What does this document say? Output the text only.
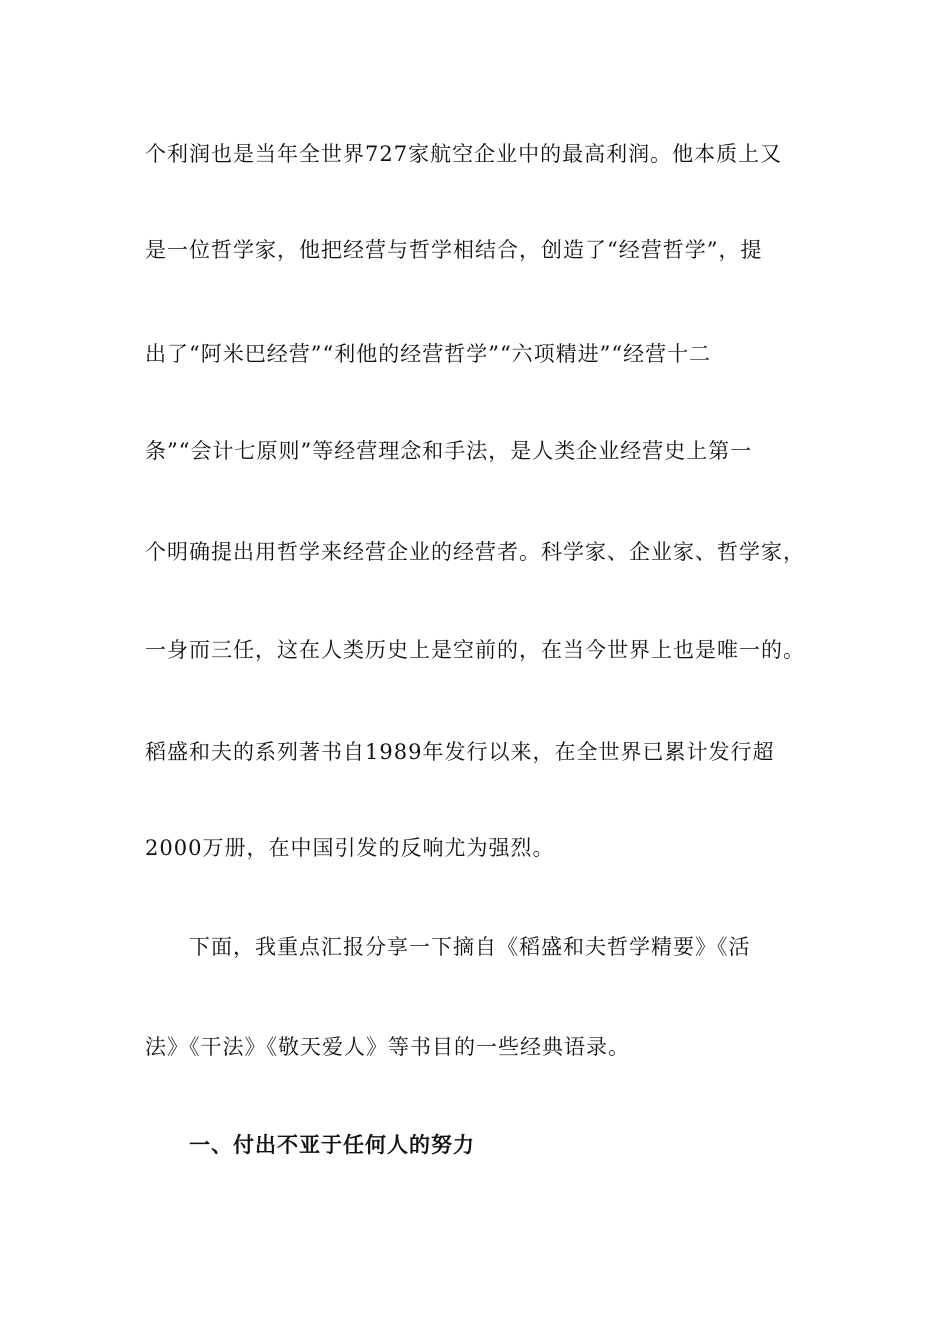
个利润也是当年全世界727家航空企业中的最高利润。他本质上又
是一位哲学家，他把经营与哲学相结合，创造了“经营哲学”，提
出了“阿米巴经营”“利他的经营哲学”“六项精进”“经营十二
条”“会计七原则”等经营理念和手法，是人类企业经营史上第一
个明确提出用哲学来经营企业的经营者。科学家、企业家、哲学家，
一身而三任，这在人类历史上是空前的，在当今世界上也是唯一的。
稻盛和夫的系列著书自1989年发行以来，在全世界已累计发行超
2000万册，在中国引发的反响尤为强烈。
下面，我重点汇报分享一下摘自《稻盛和夫哲学精要》《活
法》《干法》《敬天爱人》等书目的一些经典语录。
一、付出不亚于任何人的努力
